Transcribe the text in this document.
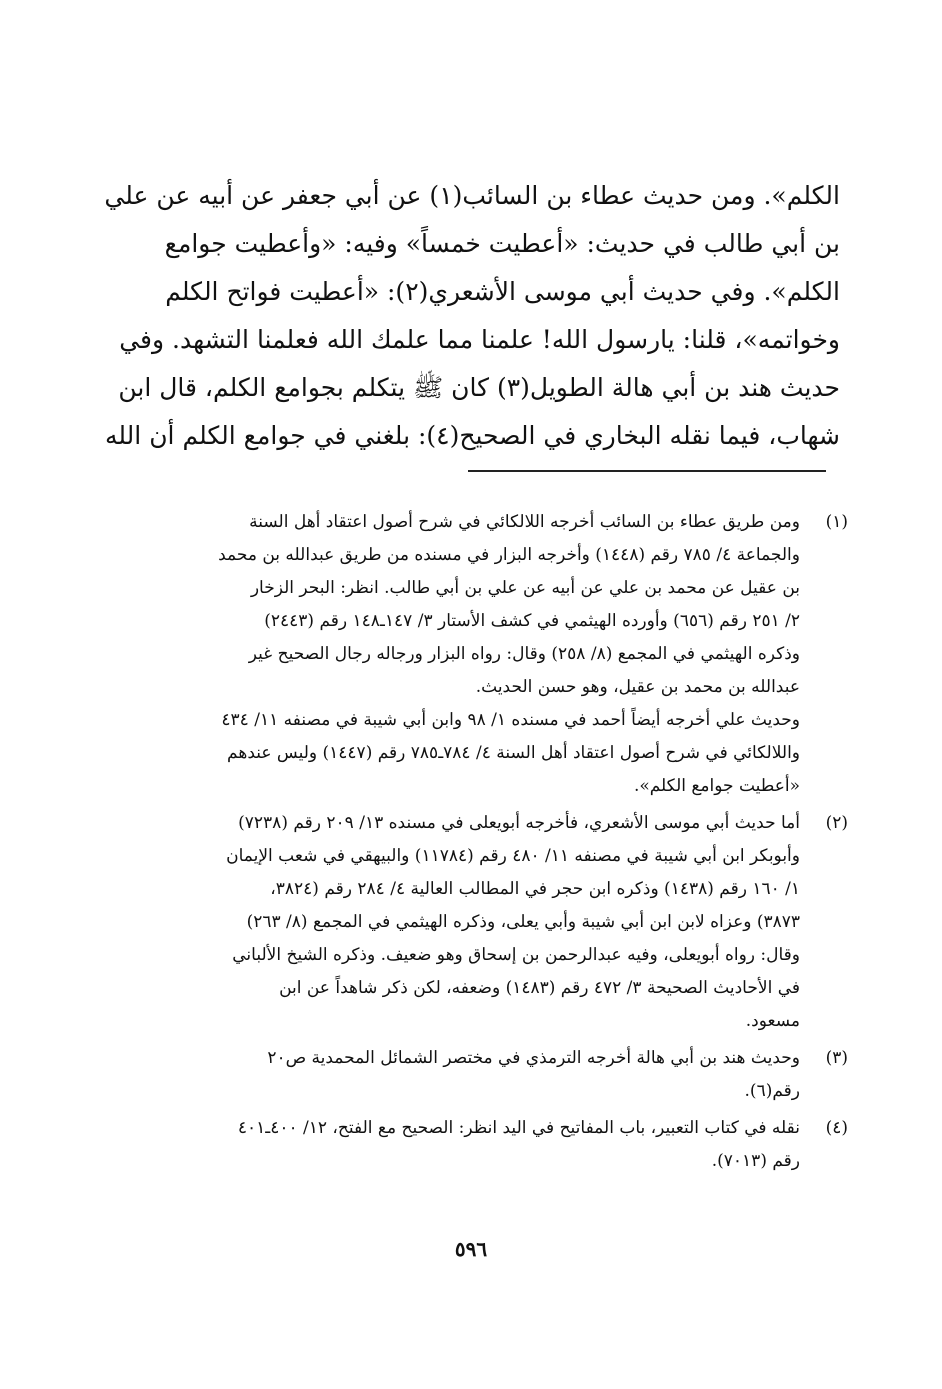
الكلم». ومن حديث عطاء بن السائب(١) عن أبي جعفر عن أبيه عن علي
بن أبي طالب في حديث: «أعطيت خمساً» وفيه: «وأعطيت جوامع
الكلم». وفي حديث أبي موسى الأشعري(٢): «أعطيت فواتح الكلم
وخواتمه»، قلنا: يارسول الله! علمنا مما علمك الله فعلمنا التشهد. وفي
حديث هند بن أبي هالة الطويل(٣) كان ﷺ يتكلم بجوامع الكلم، قال ابن
شهاب، فيما نقله البخاري في الصحيح(٤): بلغني في جوامع الكلم أن الله
(١)
ومن طريق عطاء بن السائب أخرجه اللالكائي في شرح أصول اعتقاد أهل السنة
والجماعة ٤/ ٧٨٥ رقم (١٤٤٨) وأخرجه البزار في مسنده من طريق عبدالله بن محمد
بن عقيل عن محمد بن علي عن أبيه عن علي بن أبي طالب. انظر: البحر الزخار
٢/ ٢٥١ رقم (٦٥٦) وأورده الهيثمي في كشف الأستار ٣/ ١٤٧ـ١٤٨ رقم (٢٤٤٣)
وذكره الهيثمي في المجمع (٨/ ٢٥٨) وقال: رواه البزار ورجاله رجال الصحيح غير
عبدالله بن محمد بن عقيل، وهو حسن الحديث.
وحديث علي أخرجه أيضاً أحمد في مسنده ١/ ٩٨ وابن أبي شيبة في مصنفه ١١/ ٤٣٤
واللالكائي في شرح أصول اعتقاد أهل السنة ٤/ ٧٨٤ـ٧٨٥ رقم (١٤٤٧) وليس عندهم
«أعطيت جوامع الكلم».
(٢)
أما حديث أبي موسى الأشعري، فأخرجه أبويعلى في مسنده ١٣/ ٢٠٩ رقم (٧٢٣٨)
وأبوبكر ابن أبي شيبة في مصنفه ١١/ ٤٨٠ رقم (١١٧٨٤) والبيهقي في شعب الإيمان
١/ ١٦٠ رقم (١٤٣٨) وذكره ابن حجر في المطالب العالية ٤/ ٢٨٤ رقم (٣٨٢٤،
٣٨٧٣) وعزاه لابن ابن أبي شيبة وأبي يعلى، وذكره الهيثمي في المجمع (٨/ ٢٦٣)
وقال: رواه أبويعلى، وفيه عبدالرحمن بن إسحاق وهو ضعيف. وذكره الشيخ الألباني
في الأحاديث الصحيحة ٣/ ٤٧٢ رقم (١٤٨٣) وضعفه، لكن ذكر شاهداً عن ابن
مسعود.
(٣)
وحديث هند بن أبي هالة أخرجه الترمذي في مختصر الشمائل المحمدية ص٢٠
رقم(٦).
(٤)
نقله في كتاب التعبير، باب المفاتيح في اليد انظر: الصحيح مع الفتح، ١٢/ ٤٠٠ـ٤٠١
رقم (٧٠١٣).
٥٩٦
